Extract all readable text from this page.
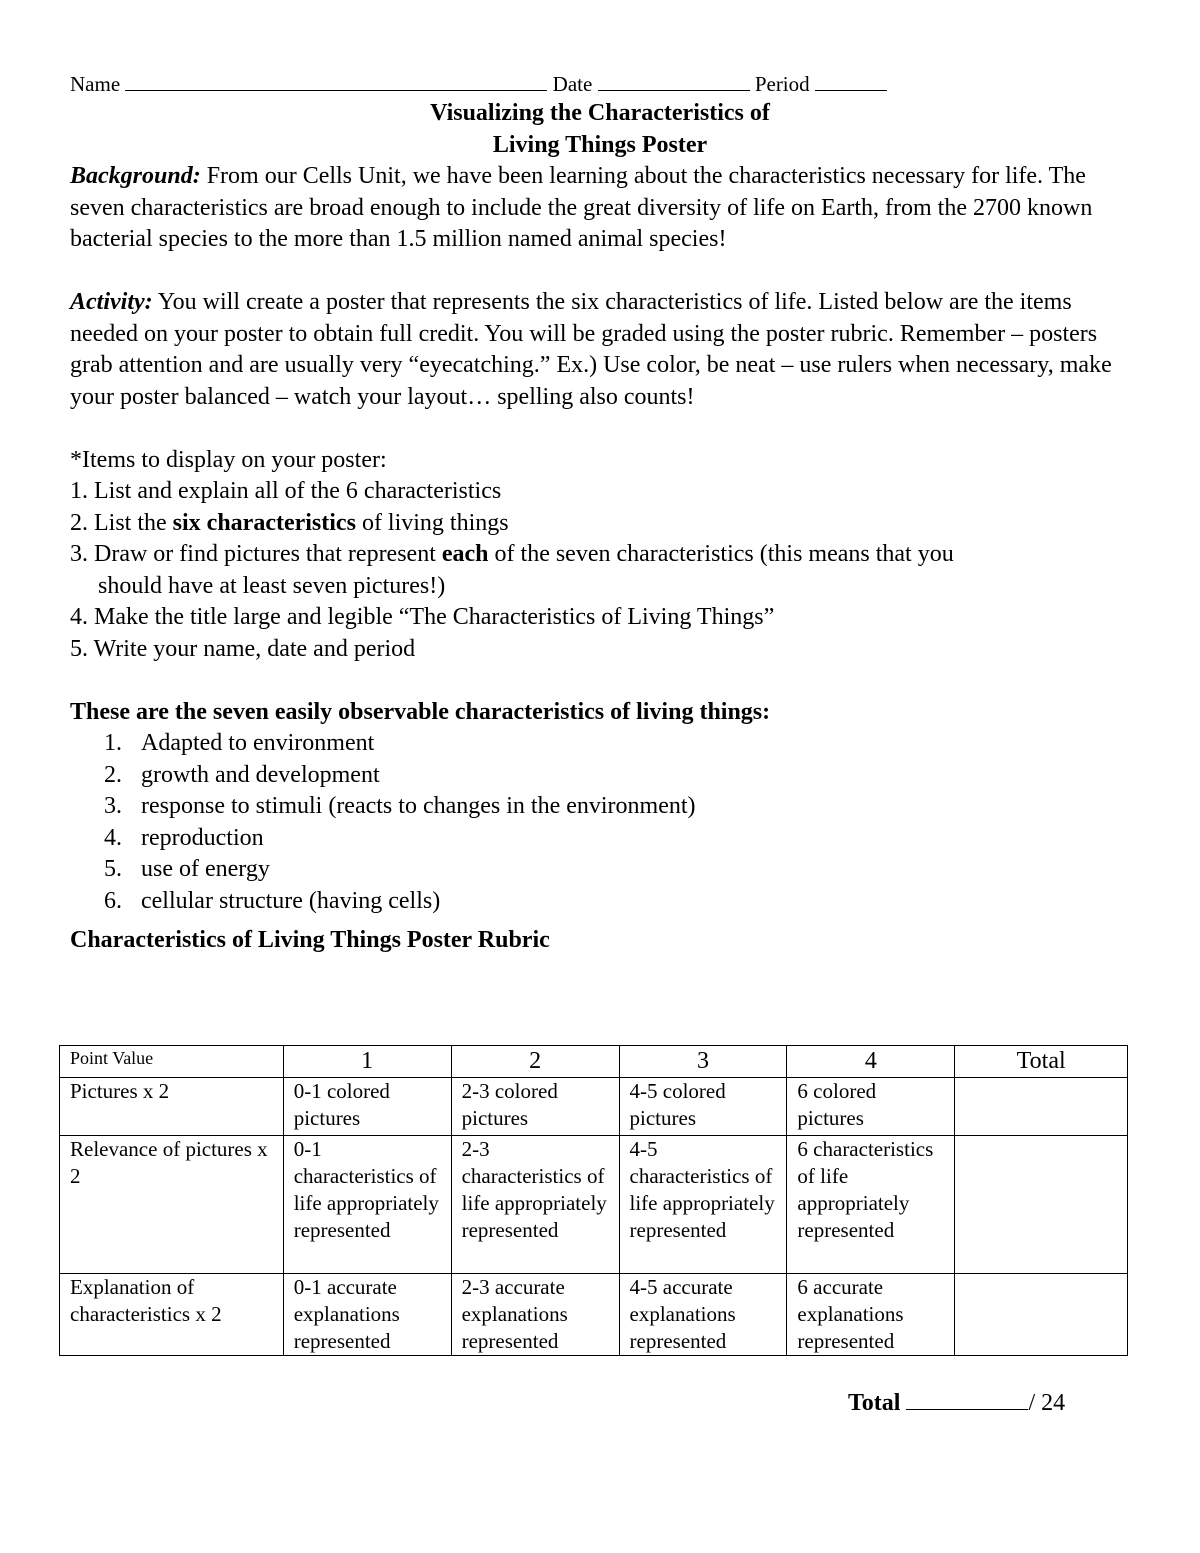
Name	Date	Period
Visualizing the Characteristics of
Living Things Poster

Background: From our Cells Unit, we have been learning about the characteristics necessary for life. The seven characteristics are broad enough to include the great diversity of life on Earth, from the 2700 known bacterial species to the more than 1.5 million named animal species!

Activity: You will create a poster that represents the six characteristics of life. Listed below are the items needed on your poster to obtain full credit. You will be graded using the poster rubric. Remember – posters grab attention and are usually very “eyecatching.” Ex.) Use color, be neat – use rulers when necessary, make your poster balanced – watch your layout… spelling also counts!

*Items to display on your poster:

1. List and explain all of the 6 characteristics

2. List the six characteristics of living things

3. Draw or find pictures that represent each of the seven characteristics (this means that you

should have at least seven pictures!)

4. Make the title large and legible “The Characteristics of Living Things”

5. Write your name, date and period

These are the seven easily observable characteristics of living things:

1. Adapted to environment
2. growth and development
3. response to stimuli (reacts to changes in the environment)
4. reproduction
5. use of energy
6. cellular structure (having cells)

Characteristics of Living Things Poster Rubric

Point Value	1	2	3	4	Total
Pictures x 2	0-1 colored pictures	2-3 colored pictures	4-5 colored pictures	6 colored pictures	
Relevance of pictures x 2	0-1 characteristics of life appropriately represented	2-3 characteristics of life appropriately represented	4-5 characteristics of life appropriately represented	6 characteristics of life appropriately represented	
Explanation of characteristics x 2	0-1 accurate explanations represented	2-3 accurate explanations represented	4-5 accurate explanations represented	6 accurate explanations represented	
Total	/ 24
